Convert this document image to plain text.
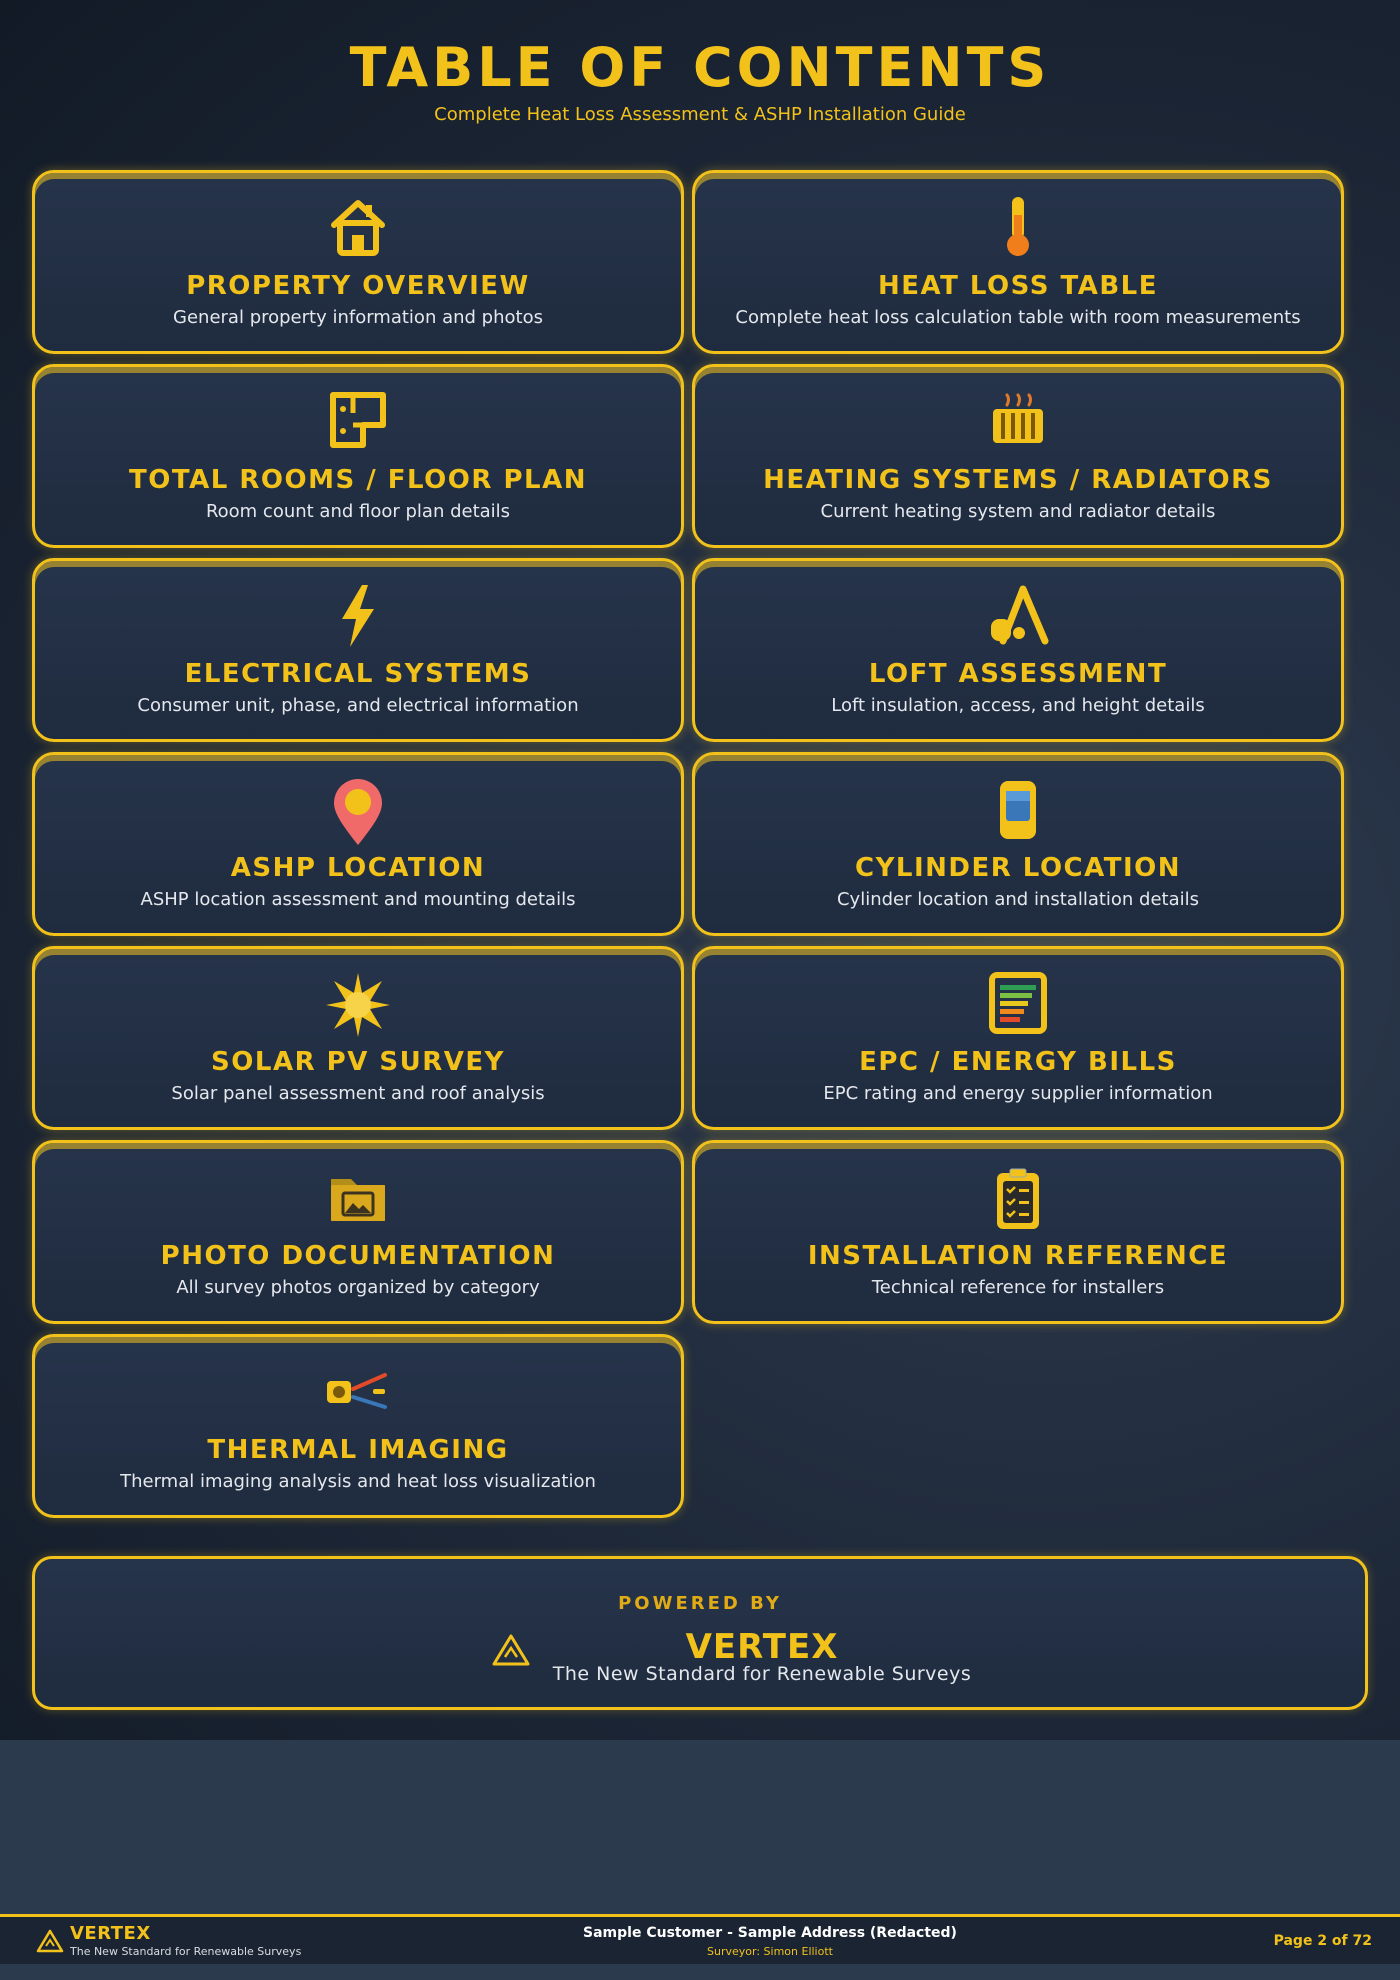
TABLE OF CONTENTS
Complete Heat Loss Assessment & ASHP Installation Guide
PROPERTY OVERVIEW
General property information and photos
HEAT LOSS TABLE
Complete heat loss calculation table with room measurements
TOTAL ROOMS / FLOOR PLAN
Room count and floor plan details
HEATING SYSTEMS / RADIATORS
Current heating system and radiator details
ELECTRICAL SYSTEMS
Consumer unit, phase, and electrical information
LOFT ASSESSMENT
Loft insulation, access, and height details
ASHP LOCATION
ASHP location assessment and mounting details
CYLINDER LOCATION
Cylinder location and installation details
SOLAR PV SURVEY
Solar panel assessment and roof analysis
EPC / ENERGY BILLS
EPC rating and energy supplier information
PHOTO DOCUMENTATION
All survey photos organized by category
INSTALLATION REFERENCE
Technical reference for installers
THERMAL IMAGING
Thermal imaging analysis and heat loss visualization
POWERED BY
VERTEX
The New Standard for Renewable Surveys
VERTEX
The New Standard for Renewable Surveys
Sample Customer - Sample Address (Redacted)
Surveyor: Simon Elliott
Page 2 of 72
